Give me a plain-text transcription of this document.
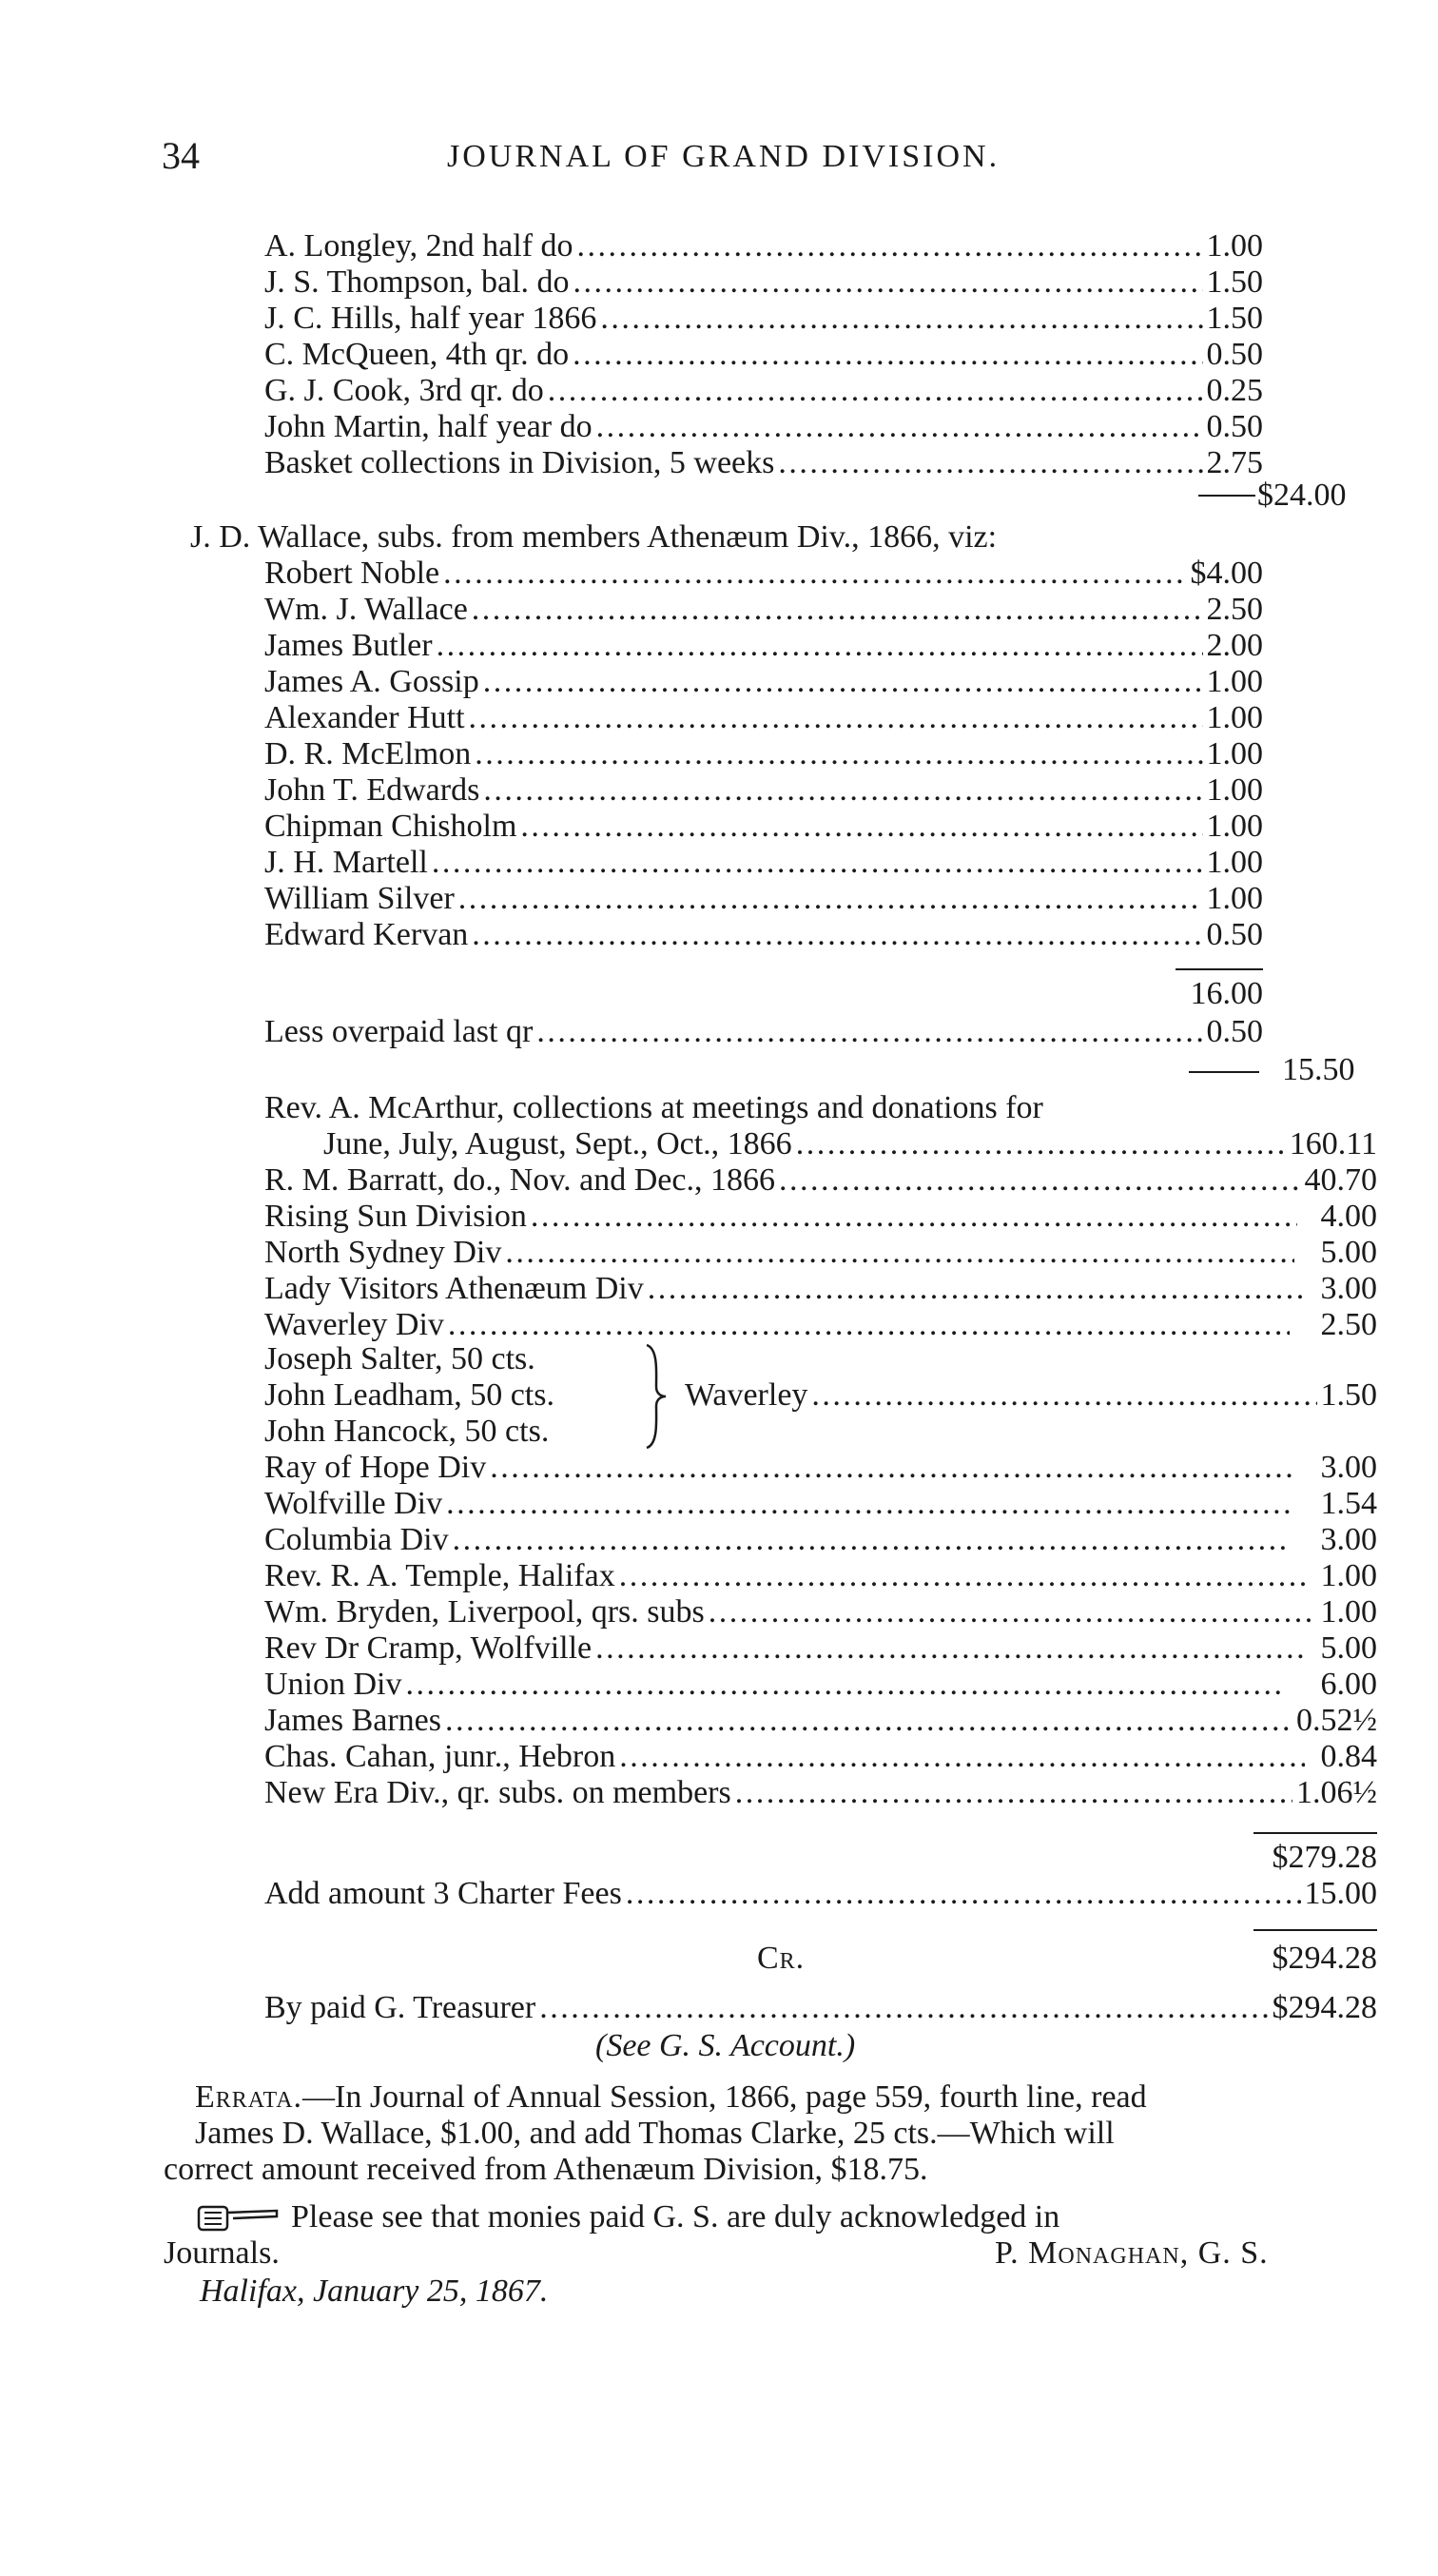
34	JOURNAL OF GRAND DIVISION.
A. Longley, 2nd half do . . .	1.00
J. S. Thompson, bal. do . . .	1.50
J. C. Hills, half year 1866 . . .	1.50
C. McQueen, 4th qr. do . . .	0.50
G. J. Cook, 3rd qr. do . . .	0.25
John Martin, half year do . . .	0.50
Basket collections in Division, 5 weeks . . .	2.75
$24.00
J. D. Wallace, subs. from members Athenæum Div., 1866, viz:
Robert Noble . . .	$4.00
Wm. J. Wallace . . .	2.50
James Butler . . .	2.00
James A. Gossip . . .	1.00
Alexander Hutt . . .	1.00
D. R. McElmon . . .	1.00
John T. Edwards . . .	1.00
Chipman Chisholm . . .	1.00
J. H. Martell . . .	1.00
William Silver . . .	1.00
Edward Kervan . . .	0.50
16.00
Less overpaid last qr . . .	0.50
15.50
Rev. A. McArthur, collections at meetings and donations for
June, July, August, Sept., Oct., 1866 . . .	160.11
R. M. Barratt, do., Nov. and Dec., 1866 . . .	40.70
Rising Sun Division . . .	4.00
North Sydney Div . . .	5.00
Lady Visitors Athenæum Div . . .	3.00
Waverley Div . . .	2.50
Joseph Salter, 50 cts.
John Leadham, 50 cts.
John Hancock, 50 cts.
Waverley . . .	1.50
Ray of Hope Div . . .	3.00
Wolfville Div . . .	1.54
Columbia Div . . .	3.00
Rev. R. A. Temple, Halifax . . .	1.00
Wm. Bryden, Liverpool, qrs. subs . . .	1.00
Rev Dr Cramp, Wolfville . . .	5.00
Union Div . . .	6.00
James Barnes . . .	0.52½
Chas. Cahan, junr., Hebron . . .	0.84
New Era Div., qr. subs. on members . . .	1.06½
$279.28
Add amount 3 Charter Fees . . .	15.00
Cr.	$294.28
By paid G. Treasurer . . .	$294.28
(See G. S. Account.)
Errata.—In Journal of Annual Session, 1866, page 559, fourth line, read
James D. Wallace, $1.00, and add Thomas Clarke, 25 cts.—Which will
correct amount received from Athenæum Division, $18.75.
Please see that monies paid G. S. are duly acknowledged in
Journals.	P. Monaghan, G. S.
Halifax, January 25, 1867.
